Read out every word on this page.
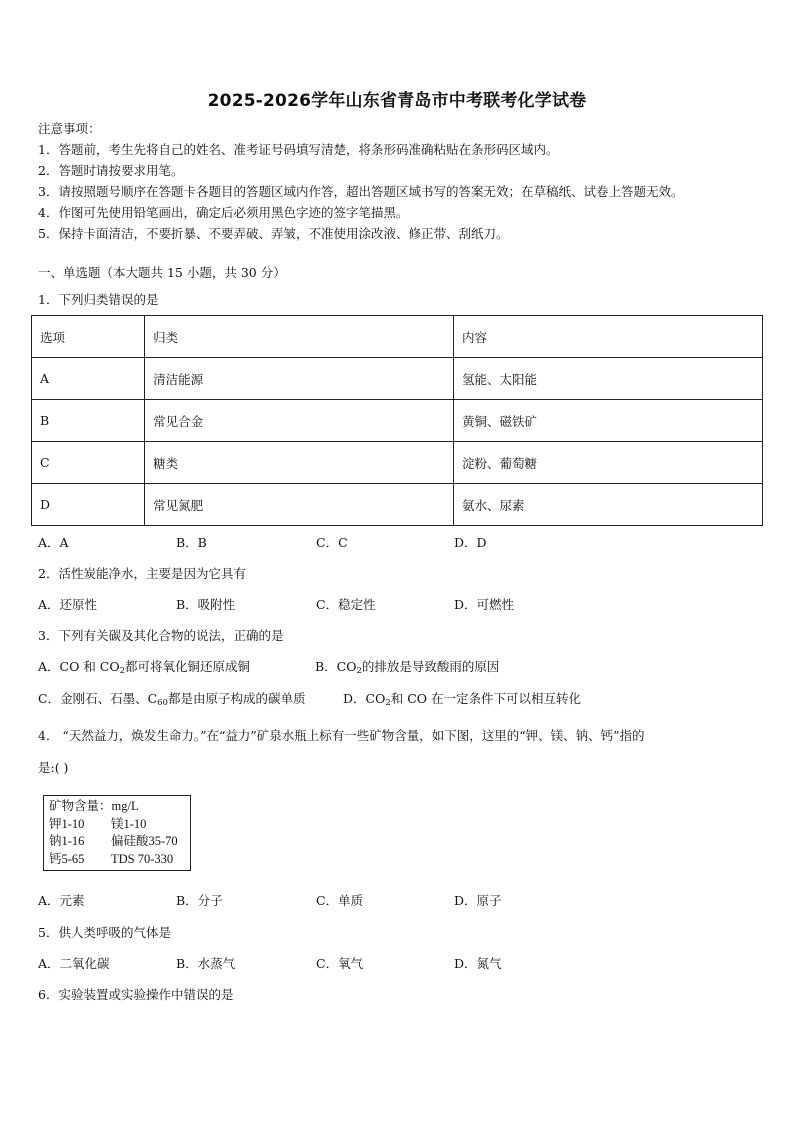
2025-2026学年山东省青岛市中考联考化学试卷
注意事项：
1．答题前，考生先将自己的姓名、准考证号码填写清楚，将条形码准确粘贴在条形码区域内。
2．答题时请按要求用笔。
3．请按照题号顺序在答题卡各题目的答题区域内作答，超出答题区域书写的答案无效；在草稿纸、试卷上答题无效。
4．作图可先使用铅笔画出，确定后必须用黑色字迹的签字笔描黑。
5．保持卡面清洁，不要折暴、不要弄破、弄皱，不准使用涂改液、修正带、刮纸刀。
一、单选题（本大题共 15 小题，共 30 分）
1．下列归类错误的是
选项	归类	内容
A	清洁能源	氢能、太阳能
B	常见合金	黄铜、磁铁矿
C	糖类	淀粉、葡萄糖
D	常见氮肥	氨水、尿素
A．A	B．B	C．C	D．D
2．活性炭能净水，主要是因为它具有
A．还原性	B．吸附性	C．稳定性	D．可燃性
3．下列有关碳及其化合物的说法，正确的是
A．CO 和 $CO_2$都可将氧化铜还原成铜	B．$CO_2$的排放是导致酸雨的原因
C．金刚石、石墨、$C_{60}$都是由原子构成的碳单质	D．$CO_2$和 CO 在一定条件下可以相互转化
4． “天然益力，焕发生命力。”在“益力”矿泉水瓶上标有一些矿物含量，如下图，这里的“钾、镁、钠、钙”指的
是:( )
矿物含量：mg/L
钾1-10 镁1-10
钠1-16 偏硅酸35-70
钙5-65 TDS 70-330
A．元素	B．分子	C．单质	D．原子
5．供人类呼吸的气体是
A．二氧化碳	B．水蒸气	C．氧气	D．氮气
6．实验装置或实验操作中错误的是
